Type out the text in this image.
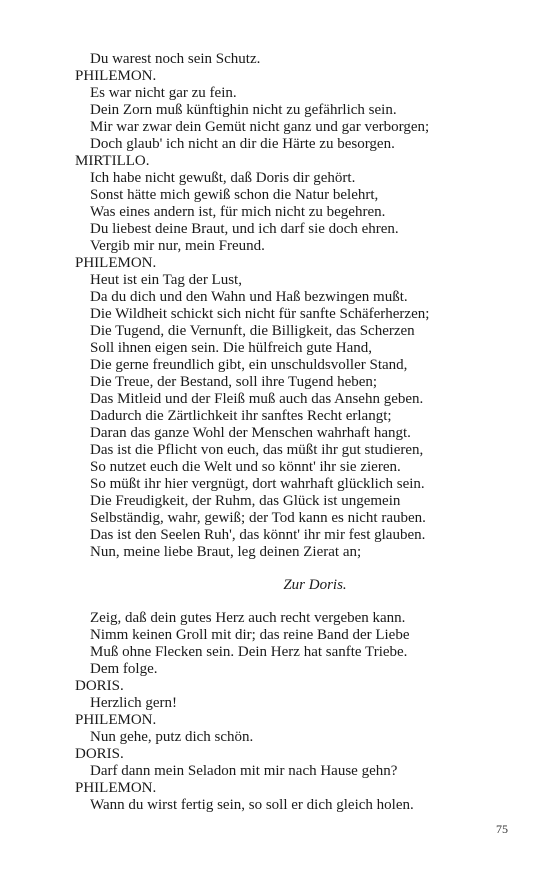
Du warest noch sein Schutz.
PHILEMON.
Es war nicht gar zu fein.
Dein Zorn muß künftighin nicht zu gefährlich sein.
Mir war zwar dein Gemüt nicht ganz und gar verborgen;
Doch glaub' ich nicht an dir die Härte zu besorgen.
MIRTILLO.
Ich habe nicht gewußt, daß Doris dir gehört.
Sonst hätte mich gewiß schon die Natur belehrt,
Was eines andern ist, für mich nicht zu begehren.
Du liebest deine Braut, und ich darf sie doch ehren.
Vergib mir nur, mein Freund.
PHILEMON.
Heut ist ein Tag der Lust,
Da du dich und den Wahn und Haß bezwingen mußt.
Die Wildheit schickt sich nicht für sanfte Schäferherzen;
Die Tugend, die Vernunft, die Billigkeit, das Scherzen
Soll ihnen eigen sein. Die hülfreich gute Hand,
Die gerne freundlich gibt, ein unschuldsvoller Stand,
Die Treue, der Bestand, soll ihre Tugend heben;
Das Mitleid und der Fleiß muß auch das Ansehn geben.
Dadurch die Zärtlichkeit ihr sanftes Recht erlangt;
Daran das ganze Wohl der Menschen wahrhaft hangt.
Das ist die Pflicht von euch, das müßt ihr gut studieren,
So nutzet euch die Welt und so könnt' ihr sie zieren.
So müßt ihr hier vergnügt, dort wahrhaft glücklich sein.
Die Freudigkeit, der Ruhm, das Glück ist ungemein
Selbständig, wahr, gewiß; der Tod kann es nicht rauben.
Das ist den Seelen Ruh', das könnt' ihr mir fest glauben.
Nun, meine liebe Braut, leg deinen Zierat an;
Zur Doris.
Zeig, daß dein gutes Herz auch recht vergeben kann.
Nimm keinen Groll mit dir; das reine Band der Liebe
Muß ohne Flecken sein. Dein Herz hat sanfte Triebe.
Dem folge.
DORIS.
Herzlich gern!
PHILEMON.
Nun gehe, putz dich schön.
DORIS.
Darf dann mein Seladon mit mir nach Hause gehn?
PHILEMON.
Wann du wirst fertig sein, so soll er dich gleich holen.
75
